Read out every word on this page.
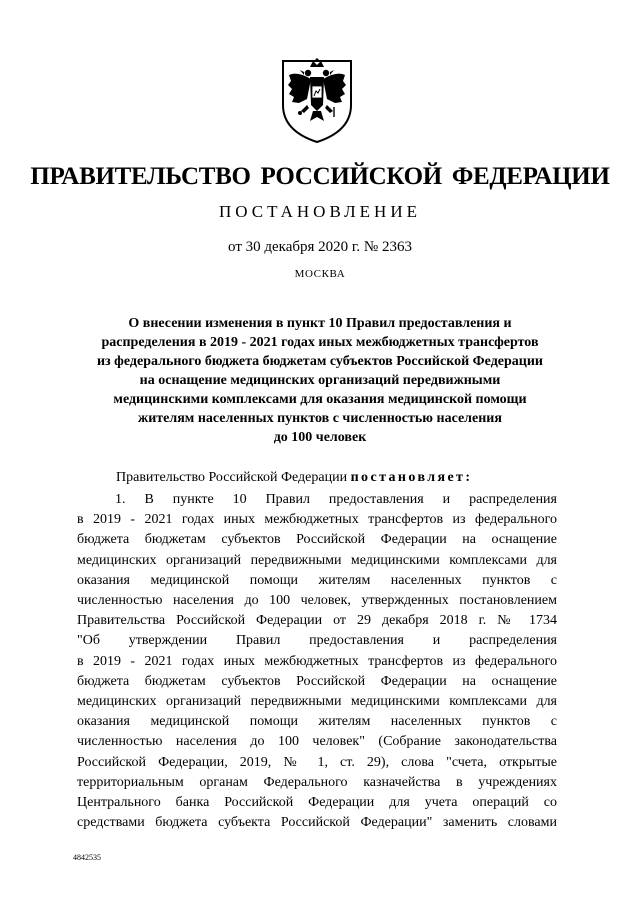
ПРАВИТЕЛЬСТВО РОССИЙСКОЙ ФЕДЕРАЦИИ
ПОСТАНОВЛЕНИЕ
от 30 декабря 2020 г. № 2363
МОСКВА
О внесении изменения в пункт 10 Правил предоставления и
распределения в 2019 - 2021 годах иных межбюджетных трансфертов
из федерального бюджета бюджетам субъектов Российской Федерации
на оснащение медицинских организаций передвижными
медицинскими комплексами для оказания медицинской помощи
жителям населенных пунктов с численностью населения
до 100 человек
Правительство Российской Федерации постановляет:
1. В пункте 10 Правил предоставления и распределения
в 2019 - 2021 годах иных межбюджетных трансфертов из федерального
бюджета бюджетам субъектов Российской Федерации на оснащение
медицинских организаций передвижными медицинскими комплексами для
оказания медицинской помощи жителям населенных пунктов с
численностью населения до 100 человек, утвержденных постановлением
Правительства Российской Федерации от 29 декабря 2018 г. № 1734
"Об утверждении Правил предоставления и распределения
в 2019 - 2021 годах иных межбюджетных трансфертов из федерального
бюджета бюджетам субъектов Российской Федерации на оснащение
медицинских организаций передвижными медицинскими комплексами для
оказания медицинской помощи жителям населенных пунктов с
численностью населения до 100 человек" (Собрание законодательства
Российской Федерации, 2019, № 1, ст. 29), слова "счета, открытые
территориальным органам Федерального казначейства в учреждениях
Центрального банка Российской Федерации для учета операций со
средствами бюджета субъекта Российской Федерации" заменить словами
4842535
